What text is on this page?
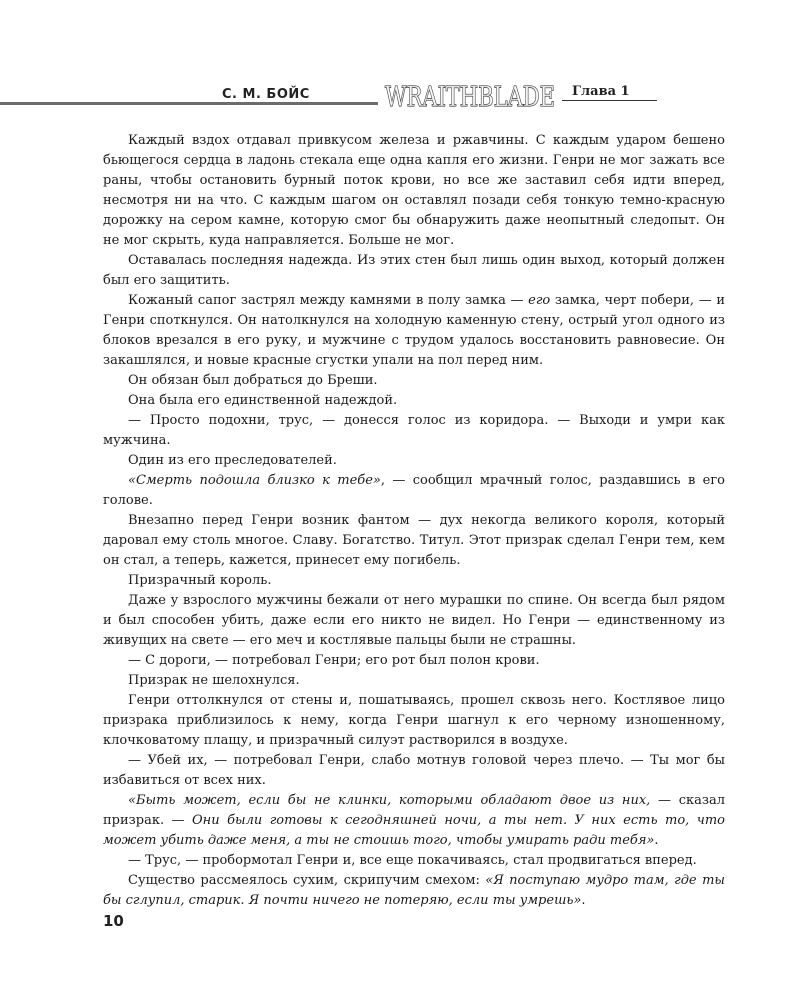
С. М. БОЙС	WRAITHBLADE
WRAITHBLADE Глава 1

Каждый вздох отдавал привкусом железа и ржавчины. С каждым ударом бешено бьющегося сердца в ладонь стекала еще одна капля его жизни. Генри не мог зажать все раны, чтобы остановить бурный поток крови, но все же заставил себя идти вперед, несмотря ни на что. С каждым шагом он оставлял позади себя тонкую темно-красную дорожку на сером камне, которую смог бы обнаружить даже неопытный следопыт. Он не мог скрыть, куда направляется. Больше не мог.

Оставалась последняя надежда. Из этих стен был лишь один выход, который должен был его защитить.

Кожаный сапог застрял между камнями в полу замка — его замка, черт побери, — и Генри споткнулся. Он натолкнулся на холодную каменную стену, острый угол одного из блоков врезался в его руку, и мужчине с трудом удалось восстановить равновесие. Он закашлялся, и новые красные сгустки упали на пол перед ним.

Он обязан был добраться до Бреши.

Она была его единственной надеждой.

— Просто подохни, трус, — донесся голос из коридора. — Выходи и умри как мужчина.

Один из его преследователей.

«Смерть подошла близко к тебе», — сообщил мрачный голос, раздавшись в его голове.

Внезапно перед Генри возник фантом — дух некогда великого короля, который даровал ему столь многое. Славу. Богатство. Титул. Этот призрак сделал Генри тем, кем он стал, а теперь, кажется, принесет ему погибель.

Призрачный король.

Даже у взрослого мужчины бежали от него мурашки по спине. Он всегда был рядом и был способен убить, даже если его никто не видел. Но Генри — единственному из живущих на свете — его меч и костлявые пальцы были не страшны.

— С дороги, — потребовал Генри; его рот был полон крови.

Призрак не шелохнулся.

Генри оттолкнулся от стены и, пошатываясь, прошел сквозь него. Костлявое лицо призрака приблизилось к нему, когда Генри шагнул к его черному изношенному, клочковатому плащу, и призрачный силуэт растворился в воздухе.

— Убей их, — потребовал Генри, слабо мотнув головой через плечо. — Ты мог бы избавиться от всех них.

«Быть может, если бы не клинки, которыми обладают двое из них, — сказал призрак. — Они были готовы к сегодняшней ночи, а ты нет. У них есть то, что может убить даже меня, а ты не стоишь того, чтобы умирать ради тебя».

— Трус, — пробормотал Генри и, все еще покачиваясь, стал продвигаться вперед.

Существо рассмеялось сухим, скрипучим смехом: «Я поступаю мудро там, где ты бы сглупил, старик. Я почти ничего не потеряю, если ты умрешь».

10
